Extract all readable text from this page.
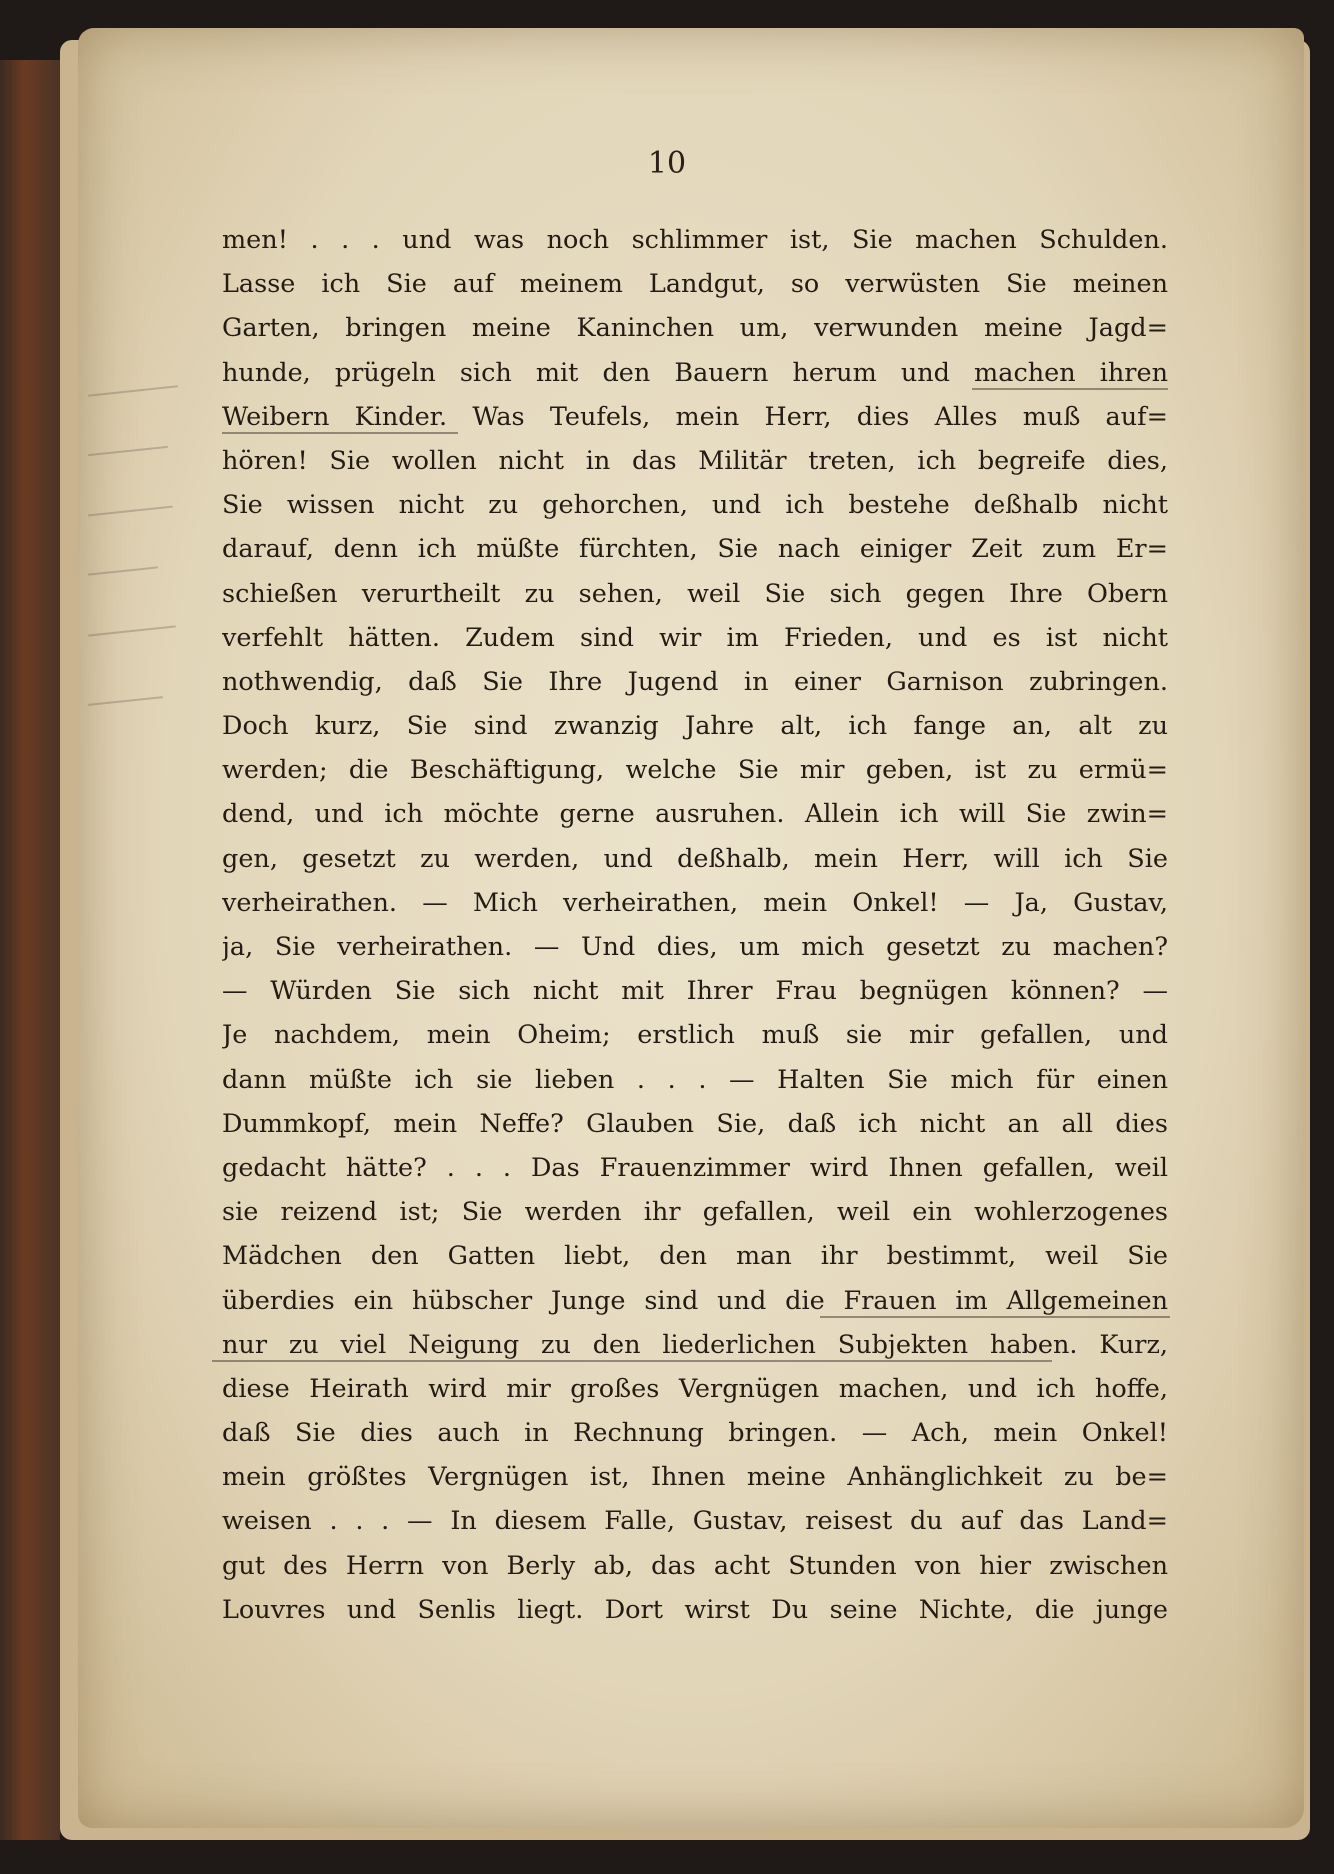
10
men! . . . und was noch schlimmer ist, Sie machen Schulden.
Lasse ich Sie auf meinem Landgut, so verwüsten Sie meinen
Garten, bringen meine Kaninchen um, verwunden meine Jagd=
hunde, prügeln sich mit den Bauern herum und machen ihren
Weibern Kinder. Was Teufels, mein Herr, dies Alles muß auf=
hören! Sie wollen nicht in das Militär treten, ich begreife dies,
Sie wissen nicht zu gehorchen, und ich bestehe deßhalb nicht
darauf, denn ich müßte fürchten, Sie nach einiger Zeit zum Er=
schießen verurtheilt zu sehen, weil Sie sich gegen Ihre Obern
verfehlt hätten. Zudem sind wir im Frieden, und es ist nicht
nothwendig, daß Sie Ihre Jugend in einer Garnison zubringen.
Doch kurz, Sie sind zwanzig Jahre alt, ich fange an, alt zu
werden; die Beschäftigung, welche Sie mir geben, ist zu ermü=
dend, und ich möchte gerne ausruhen. Allein ich will Sie zwin=
gen, gesetzt zu werden, und deßhalb, mein Herr, will ich Sie
verheirathen. — Mich verheirathen, mein Onkel! — Ja, Gustav,
ja, Sie verheirathen. — Und dies, um mich gesetzt zu machen?
— Würden Sie sich nicht mit Ihrer Frau begnügen können? —
Je nachdem, mein Oheim; erstlich muß sie mir gefallen, und
dann müßte ich sie lieben . . . — Halten Sie mich für einen
Dummkopf, mein Neffe? Glauben Sie, daß ich nicht an all dies
gedacht hätte? . . . Das Frauenzimmer wird Ihnen gefallen, weil
sie reizend ist; Sie werden ihr gefallen, weil ein wohlerzogenes
Mädchen den Gatten liebt, den man ihr bestimmt, weil Sie
überdies ein hübscher Junge sind und die Frauen im Allgemeinen
nur zu viel Neigung zu den liederlichen Subjekten haben. Kurz,
diese Heirath wird mir großes Vergnügen machen, und ich hoffe,
daß Sie dies auch in Rechnung bringen. — Ach, mein Onkel!
mein größtes Vergnügen ist, Ihnen meine Anhänglichkeit zu be=
weisen . . . — In diesem Falle, Gustav, reisest du auf das Land=
gut des Herrn von Berly ab, das acht Stunden von hier zwischen
Louvres und Senlis liegt. Dort wirst Du seine Nichte, die junge
